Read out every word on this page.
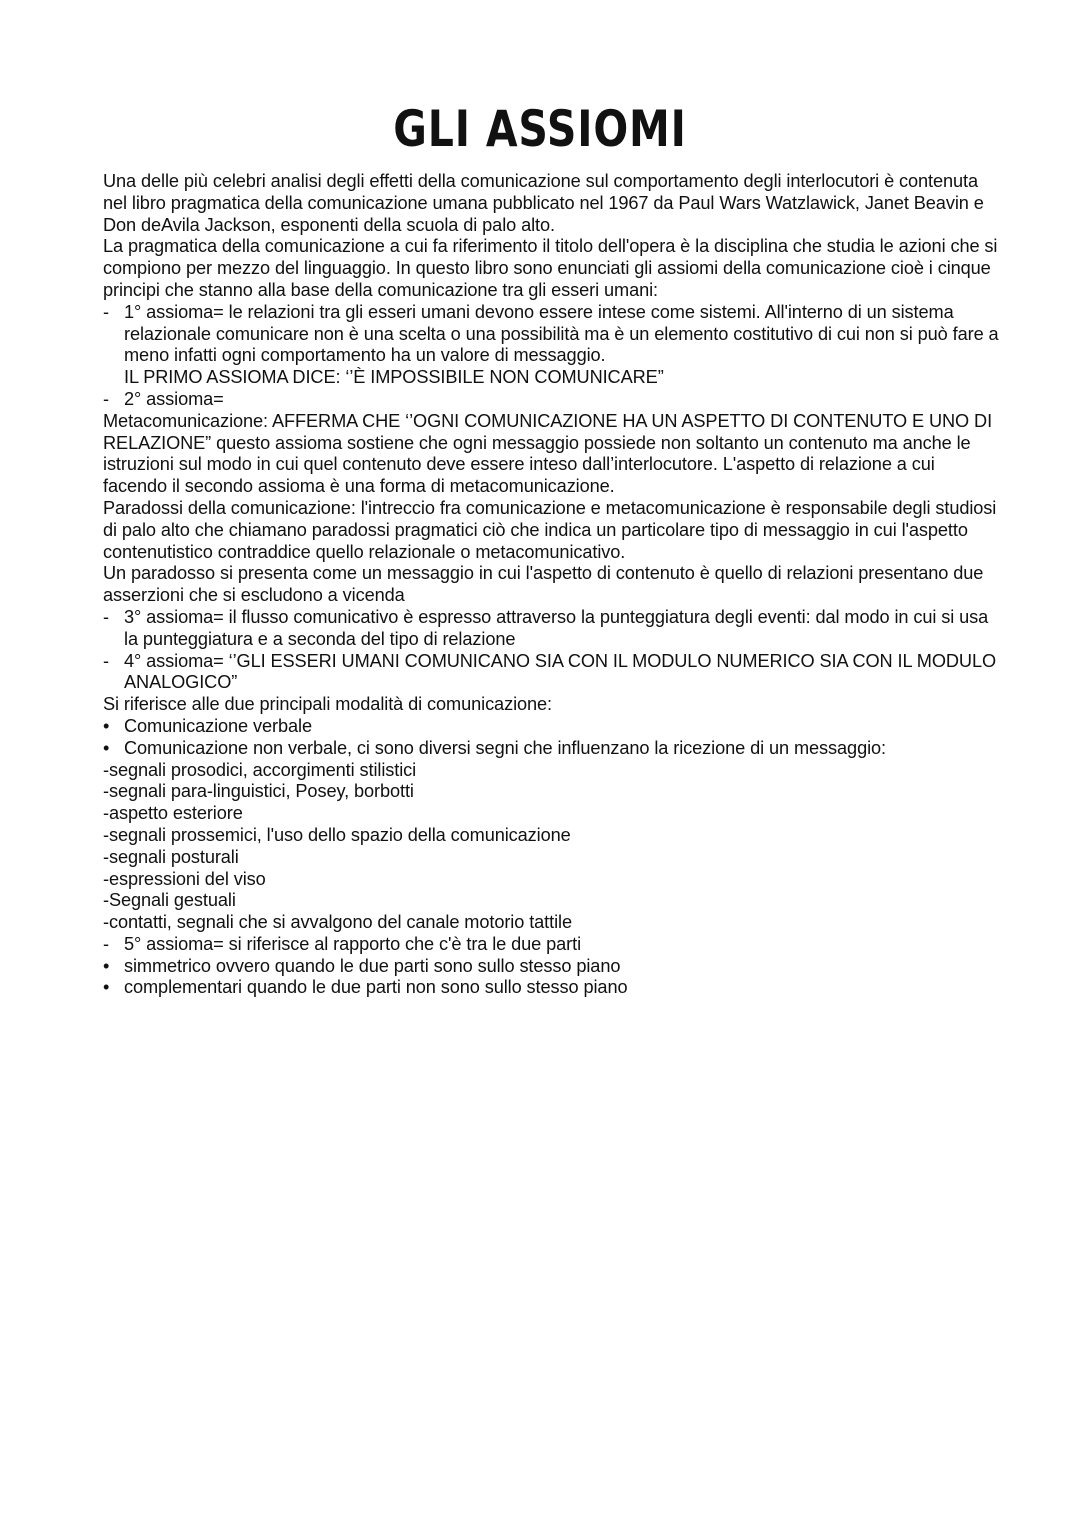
GLI ASSIOMI

Una delle più celebri analisi degli effetti della comunicazione sul comportamento degli interlocutori è contenuta nel libro pragmatica della comunicazione umana pubblicato nel 1967 da Paul Wars Watzlawick, Janet Beavin e Don deAvila Jackson, esponenti della scuola di palo alto.

La pragmatica della comunicazione a cui fa riferimento il titolo dell'opera è la disciplina che studia le azioni che si compiono per mezzo del linguaggio. In questo libro sono enunciati gli assiomi della comunicazione cioè i cinque principi che stanno alla base della comunicazione tra gli esseri umani:

- 1° assioma= le relazioni tra gli esseri umani devono essere intese come sistemi. All'interno di un sistema relazionale comunicare non è una scelta o una possibilità ma è un elemento costitutivo di cui non si può fare a meno infatti ogni comportamento ha un valore di messaggio.
IL PRIMO ASSIOMA DICE: ‘’È IMPOSSIBILE NON COMUNICARE”
- 2° assioma=

Metacomunicazione: AFFERMA CHE ‘’OGNI COMUNICAZIONE HA UN ASPETTO DI CONTENUTO E UNO DI RELAZIONE” questo assioma sostiene che ogni messaggio possiede non soltanto un contenuto ma anche le istruzioni sul modo in cui quel contenuto deve essere inteso dall’interlocutore. L'aspetto di relazione a cui facendo il secondo assioma è una forma di metacomunicazione.

Paradossi della comunicazione: l'intreccio fra comunicazione e metacomunicazione è responsabile degli studiosi di palo alto che chiamano paradossi pragmatici ciò che indica un particolare tipo di messaggio in cui l'aspetto contenutistico contraddice quello relazionale o metacomunicativo.

Un paradosso si presenta come un messaggio in cui l'aspetto di contenuto è quello di relazioni presentano due asserzioni che si escludono a vicenda

- 3° assioma= il flusso comunicativo è espresso attraverso la punteggiatura degli eventi: dal modo in cui si usa la punteggiatura e a seconda del tipo di relazione
- 4° assioma= ‘’GLI ESSERI UMANI COMUNICANO SIA CON IL MODULO NUMERICO SIA CON IL MODULO ANALOGICO”

Si riferisce alle due principali modalità di comunicazione:

• Comunicazione verbale
• Comunicazione non verbale, ci sono diversi segni che influenzano la ricezione di un messaggio:

-segnali prosodici, accorgimenti stilistici

-segnali para-linguistici, Posey, borbotti

-aspetto esteriore

-segnali prossemici, l'uso dello spazio della comunicazione

-segnali posturali

-espressioni del viso

-Segnali gestuali

-contatti, segnali che si avvalgono del canale motorio tattile

- 5° assioma= si riferisce al rapporto che c'è tra le due parti
• simmetrico ovvero quando le due parti sono sullo stesso piano
• complementari quando le due parti non sono sullo stesso piano
